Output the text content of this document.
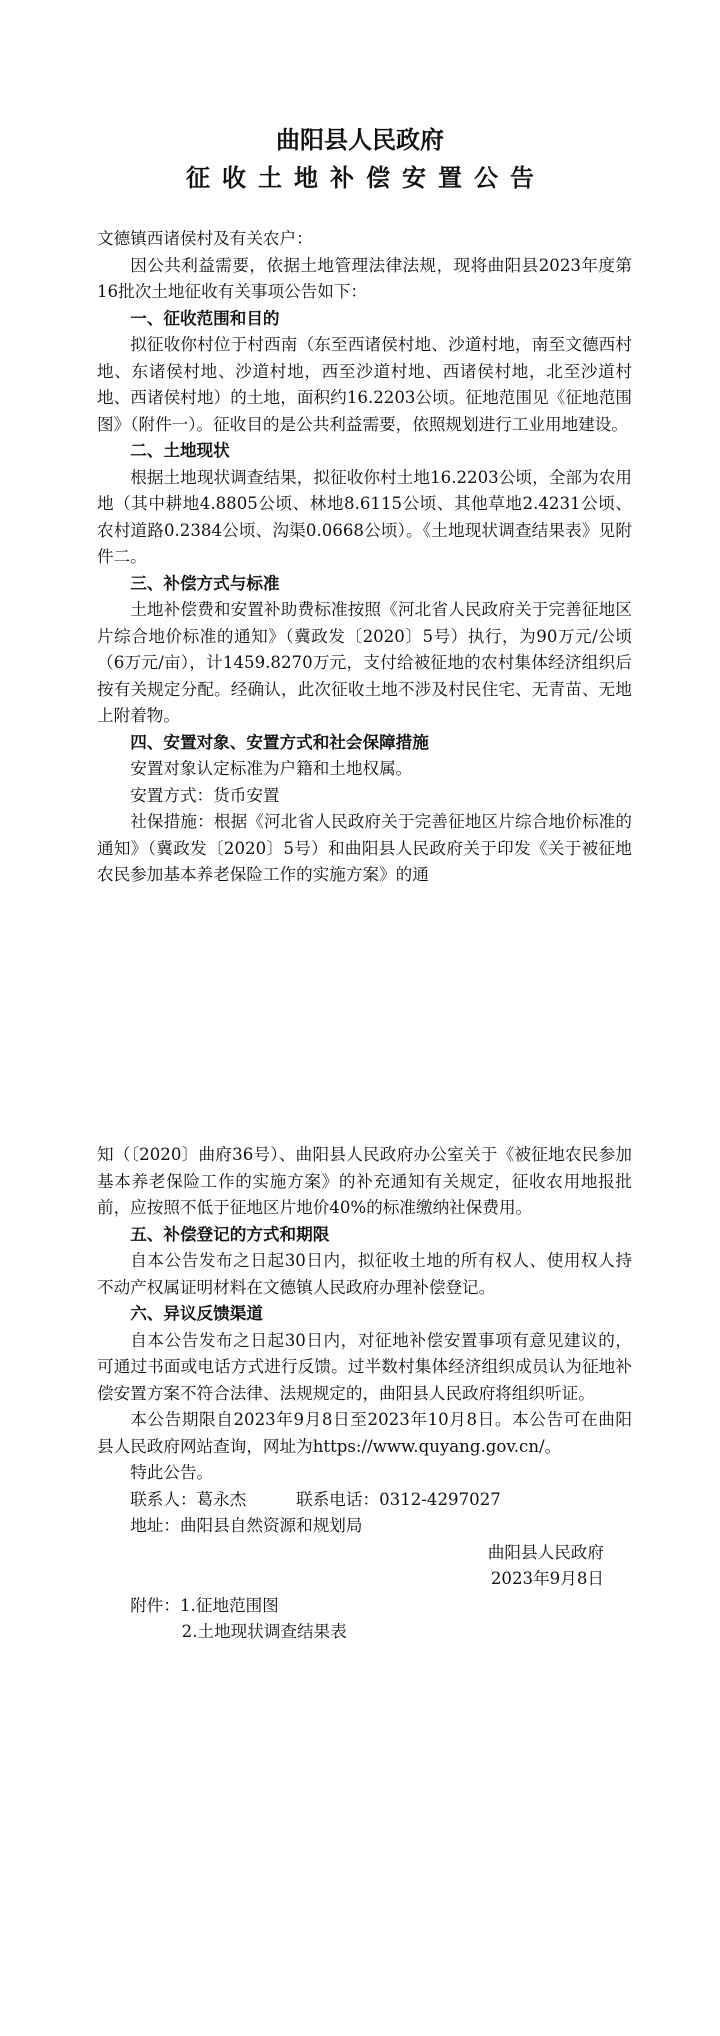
曲阳县人民政府
征收土地补偿安置公告

文德镇西诸侯村及有关农户：

因公共利益需要，依据土地管理法律法规，现将曲阳县2023年度第16批次土地征收有关事项公告如下：

一、征收范围和目的

拟征收你村位于村西南（东至西诸侯村地、沙道村地，南至文德西村地、东诸侯村地、沙道村地，西至沙道村地、西诸侯村地，北至沙道村地、西诸侯村地）的土地，面积约16.2203公顷。征地范围见《征地范围图》（附件一）。征收目的是公共利益需要，依照规划进行工业用地建设。

二、土地现状

根据土地现状调查结果，拟征收你村土地16.2203公顷，全部为农用地（其中耕地4.8805公顷、林地8.6115公顷、其他草地2.4231公顷、农村道路0.2384公顷、沟渠0.0668公顷）。《土地现状调查结果表》见附件二。

三、补偿方式与标准

土地补偿费和安置补助费标准按照《河北省人民政府关于完善征地区片综合地价标准的通知》（冀政发〔2020〕5号）执行，为90万元/公顷（6万元/亩），计1459.8270万元，支付给被征地的农村集体经济组织后按有关规定分配。经确认，此次征收土地不涉及村民住宅、无青苗、无地上附着物。

四、安置对象、安置方式和社会保障措施

安置对象认定标准为户籍和土地权属。

安置方式：货币安置

社保措施：根据《河北省人民政府关于完善征地区片综合地价标准的通知》（冀政发〔2020〕5号）和曲阳县人民政府关于印发《关于被征地农民参加基本养老保险工作的实施方案》的通

知（〔2020〕曲府36号）、曲阳县人民政府办公室关于《被征地农民参加基本养老保险工作的实施方案》的补充通知有关规定，征收农用地报批前，应按照不低于征地区片地价40%的标准缴纳社保费用。

五、补偿登记的方式和期限

自本公告发布之日起30日内，拟征收土地的所有权人、使用权人持不动产权属证明材料在文德镇人民政府办理补偿登记。

六、异议反馈渠道

自本公告发布之日起30日内，对征地补偿安置事项有意见建议的，可通过书面或电话方式进行反馈。过半数村集体经济组织成员认为征地补偿安置方案不符合法律、法规规定的，曲阳县人民政府将组织听证。

本公告期限自2023年9月8日至2023年10月8日。本公告可在曲阳县人民政府网站查询，网址为https://www.quyang.gov.cn/。

特此公告。

联系人：葛永杰　　　联系电话：0312-4297027

地址：曲阳县自然资源和规划局

曲阳县人民政府

2023年9月8日

附件：1.征地范围图

2.土地现状调查结果表
